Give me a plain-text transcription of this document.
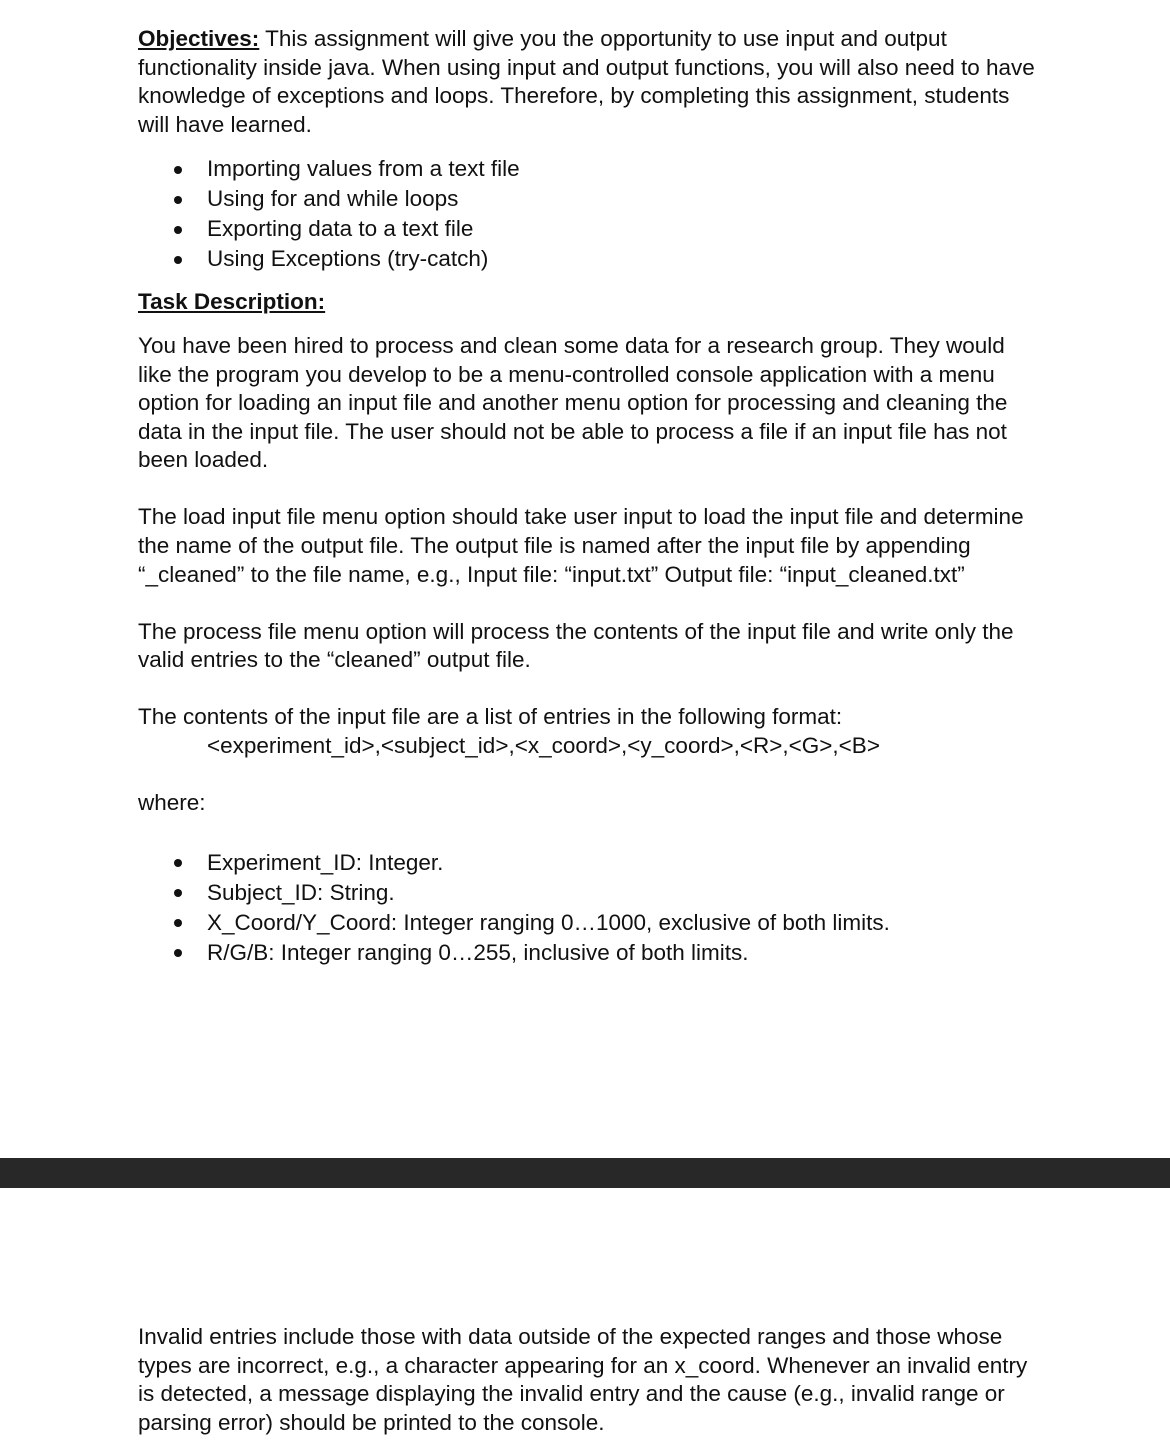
Objectives: This assignment will give you the opportunity to use input and output functionality inside java. When using input and output functions, you will also need to have knowledge of exceptions and loops. Therefore, by completing this assignment, students will have learned.

Importing values from a text file
Using for and while loops
Exporting data to a text file
Using Exceptions (try-catch)

Task Description:

You have been hired to process and clean some data for a research group. They would like the program you develop to be a menu-controlled console application with a menu option for loading an input file and another menu option for processing and cleaning the data in the input file. The user should not be able to process a file if an input file has not been loaded.

The load input file menu option should take user input to load the input file and determine the name of the output file. The output file is named after the input file by appending “_cleaned” to the file name, e.g., Input file: “input.txt” Output file: “input_cleaned.txt”

The process file menu option will process the contents of the input file and write only the valid entries to the “cleaned” output file.

The contents of the input file are a list of entries in the following format:

<experiment_id>,<subject_id>,<x_coord>,<y_coord>,<R>,<G>,<B>

where:

Experiment_ID: Integer.
Subject_ID: String.
X_Coord/Y_Coord: Integer ranging 0…1000, exclusive of both limits.
R/G/B: Integer ranging 0…255, inclusive of both limits.

Invalid entries include those with data outside of the expected ranges and those whose types are incorrect, e.g., a character appearing for an x_coord. Whenever an invalid entry is detected, a message displaying the invalid entry and the cause (e.g., invalid range or parsing error) should be printed to the console.
